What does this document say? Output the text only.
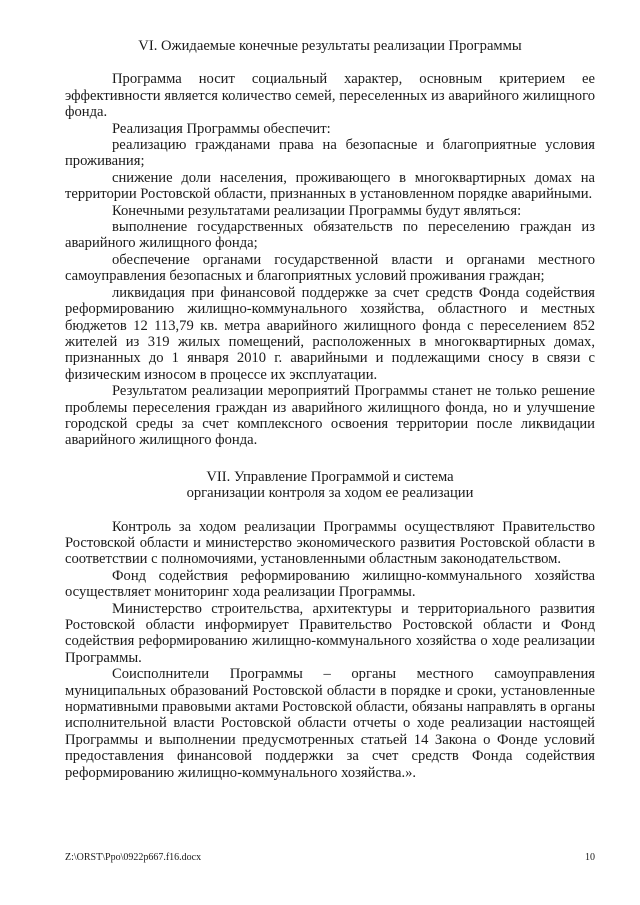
VI. Ожидаемые конечные результаты реализации Программы

Программа носит социальный характер, основным критерием ее эффективности является количество семей, переселенных из аварийного жилищного фонда.

Реализация Программы обеспечит:

реализацию гражданами права на безопасные и благоприятные условия проживания;

снижение доли населения, проживающего в многоквартирных домах на территории Ростовской области, признанных в установленном порядке аварийными.

Конечными результатами реализации Программы будут являться:

выполнение государственных обязательств по переселению граждан из аварийного жилищного фонда;

обеспечение органами государственной власти и органами местного самоуправления безопасных и благоприятных условий проживания граждан;

ликвидация при финансовой поддержке за счет средств Фонда содействия реформированию жилищно-коммунального хозяйства, областного и местных бюджетов 12 113,79 кв. метра аварийного жилищного фонда с переселением 852 жителей из 319 жилых помещений, расположенных в многоквартирных домах, признанных до 1 января 2010 г. аварийными и подлежащими сносу в связи с физическим износом в процессе их эксплуатации.

Результатом реализации мероприятий Программы станет не только решение проблемы переселения граждан из аварийного жилищного фонда, но и улучшение городской среды за счет комплексного освоения территории после ликвидации аварийного жилищного фонда.

VII. Управление Программой и система
организации контроля за ходом ее реализации

Контроль за ходом реализации Программы осуществляют Правительство Ростовской области и министерство экономического развития Ростовской области в соответствии с полномочиями, установленными областным законодательством.

Фонд содействия реформированию жилищно-коммунального хозяйства осуществляет мониторинг хода реализации Программы.

Министерство строительства, архитектуры и территориального развития Ростовской области информирует Правительство Ростовской области и Фонд содействия реформированию жилищно-коммунального хозяйства о ходе реализации Программы.

Соисполнители Программы – органы местного самоуправления муниципальных образований Ростовской области в порядке и сроки, установленные нормативными правовыми актами Ростовской области, обязаны направлять в органы исполнительной власти Ростовской области отчеты о ходе реализации настоящей Программы и выполнении предусмотренных статьей 14 Закона о Фонде условий предоставления финансовой поддержки за счет средств Фонда содействия реформированию жилищно-коммунального хозяйства.».

Z:\ORST\Ppo\0922p667.f16.docx	10
